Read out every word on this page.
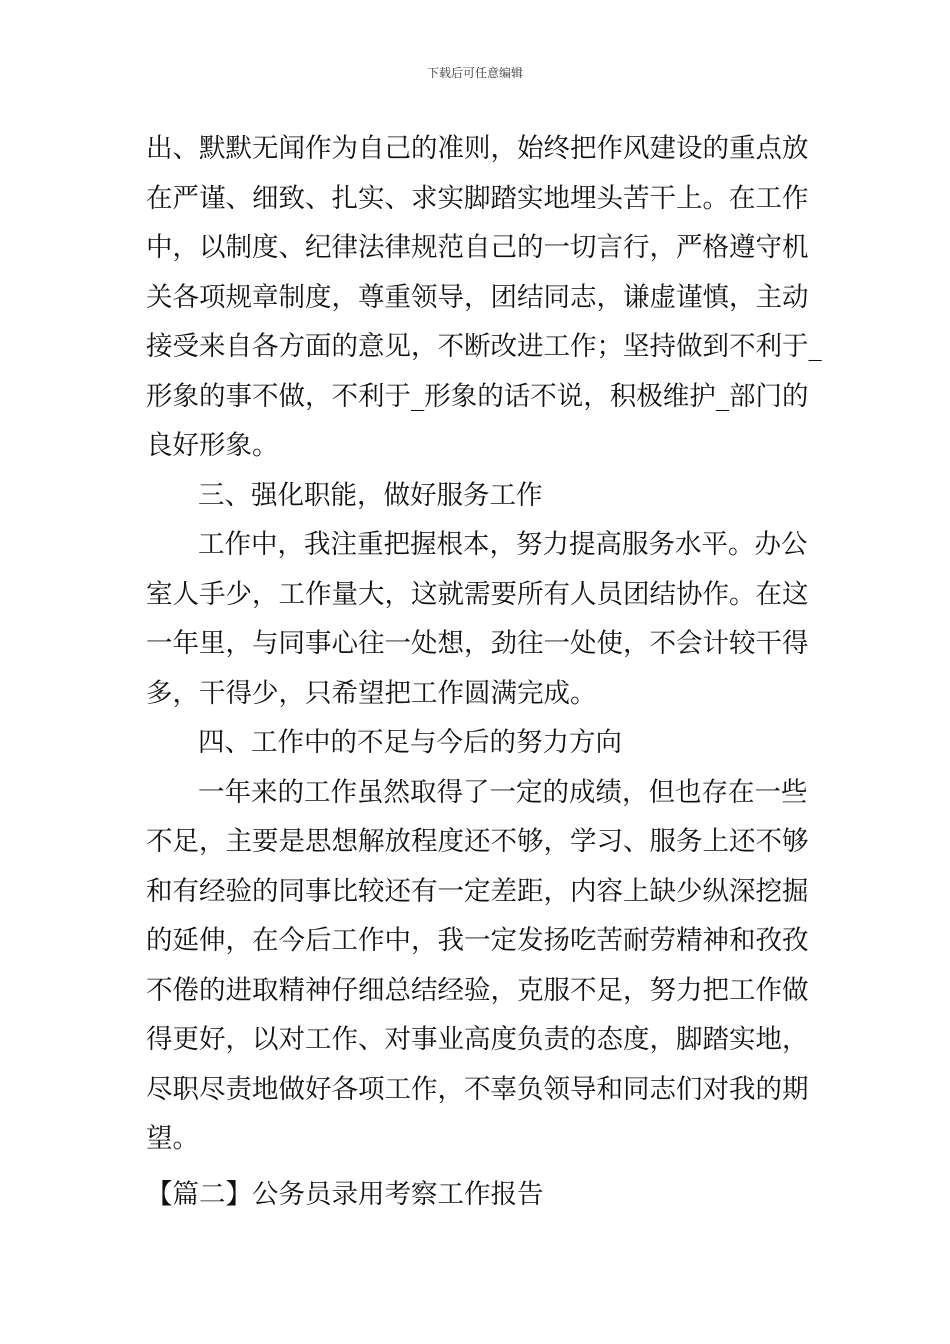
下载后可任意编辑
出、默默无闻作为自己的准则，始终把作风建设的重点放
在严谨、细致、扎实、求实脚踏实地埋头苦干上。在工作
中，以制度、纪律法律规范自己的一切言行，严格遵守机
关各项规章制度，尊重领导，团结同志，谦虚谨慎，主动
接受来自各方面的意见，不断改进工作；坚持做到不利于_
形象的事不做，不利于_形象的话不说，积极维护_部门的
良好形象。
三、强化职能，做好服务工作
工作中，我注重把握根本，努力提高服务水平。办公
室人手少，工作量大，这就需要所有人员团结协作。在这
一年里，与同事心往一处想，劲往一处使，不会计较干得
多，干得少，只希望把工作圆满完成。
四、工作中的不足与今后的努力方向
一年来的工作虽然取得了一定的成绩，但也存在一些
不足，主要是思想解放程度还不够，学习、服务上还不够
和有经验的同事比较还有一定差距，内容上缺少纵深挖掘
的延伸，在今后工作中，我一定发扬吃苦耐劳精神和孜孜
不倦的进取精神仔细总结经验，克服不足，努力把工作做
得更好，以对工作、对事业高度负责的态度，脚踏实地，
尽职尽责地做好各项工作，不辜负领导和同志们对我的期
望。
【篇二】公务员录用考察工作报告
